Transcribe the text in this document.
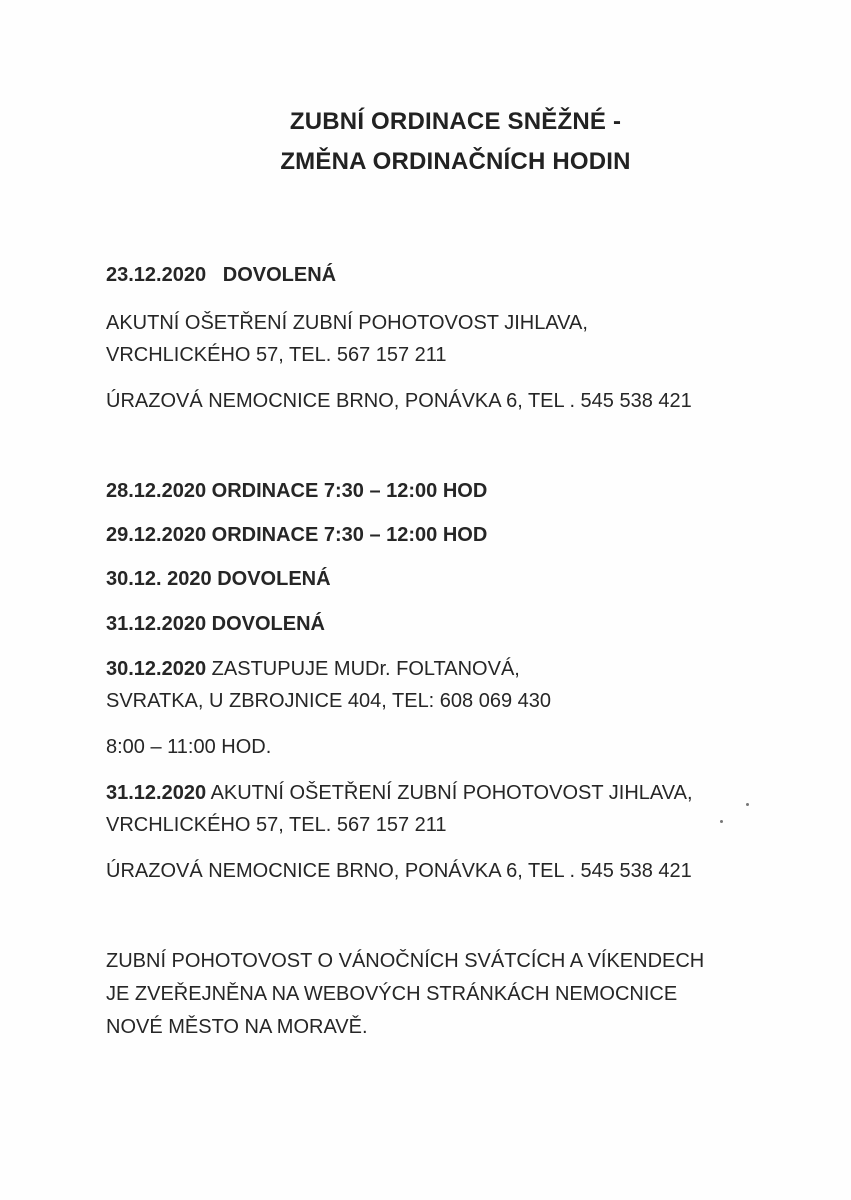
ZUBNÍ ORDINACE SNĚŽNÉ -
ZMĚNA ORDINAČNÍCH HODIN
23.12.2020 DOVOLENÁ
AKUTNÍ OŠETŘENÍ ZUBNÍ POHOTOVOST JIHLAVA,
VRCHLICKÉHO 57, TEL. 567 157 211
ÚRAZOVÁ NEMOCNICE BRNO, PONÁVKA 6, TEL . 545 538 421
28.12.2020 ORDINACE 7:30 – 12:00 HOD
29.12.2020 ORDINACE 7:30 – 12:00 HOD
30.12. 2020 DOVOLENÁ
31.12.2020 DOVOLENÁ
30.12.2020 ZASTUPUJE MUDr. FOLTANOVÁ,
SVRATKA, U ZBROJNICE 404, TEL: 608 069 430
8:00 – 11:00 HOD.
31.12.2020 AKUTNÍ OŠETŘENÍ ZUBNÍ POHOTOVOST JIHLAVA,
VRCHLICKÉHO 57, TEL. 567 157 211
ÚRAZOVÁ NEMOCNICE BRNO, PONÁVKA 6, TEL . 545 538 421
ZUBNÍ POHOTOVOST O VÁNOČNÍCH SVÁTCÍCH A VÍKENDECH
JE ZVEŘEJNĚNA NA WEBOVÝCH STRÁNKÁCH NEMOCNICE
NOVÉ MĚSTO NA MORAVĚ.
